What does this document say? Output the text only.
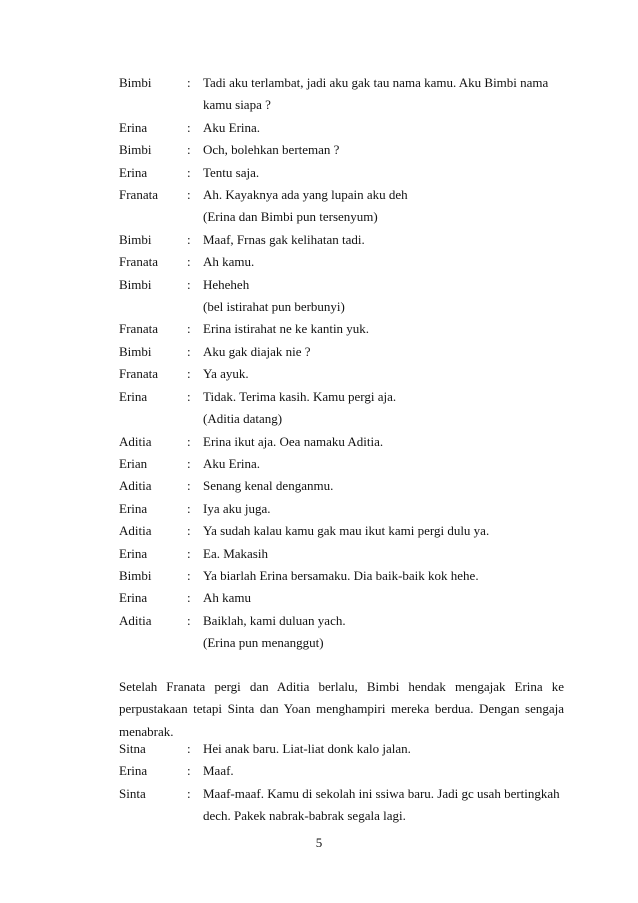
Bimbi	: Tadi aku terlambat, jadi aku gak tau nama kamu. Aku Bimbi nama
kamu siapa ?
Erina	: Aku Erina.
Bimbi	: Och, bolehkan berteman ?
Erina	: Tentu saja.
Franata	: Ah. Kayaknya ada yang lupain aku deh
(Erina dan Bimbi pun tersenyum)
Bimbi	: Maaf, Frnas gak kelihatan tadi.
Franata	: Ah kamu.
Bimbi	: Heheheh
(bel istirahat pun berbunyi)
Franata	: Erina istirahat ne ke kantin yuk.
Bimbi	: Aku gak diajak nie ?
Franata	: Ya ayuk.
Erina	: Tidak. Terima kasih. Kamu pergi aja.
(Aditia datang)
Aditia	: Erina ikut aja. Oea namaku Aditia.
Erian	: Aku Erina.
Aditia	: Senang kenal denganmu.
Erina	: Iya aku juga.
Aditia	: Ya sudah kalau kamu gak mau ikut kami pergi dulu ya.
Erina	: Ea. Makasih
Bimbi	: Ya biarlah Erina bersamaku. Dia baik-baik kok hehe.
Erina	: Ah kamu
Aditia	: Baiklah, kami duluan yach.
(Erina pun menanggut)
Setelah Franata pergi dan Aditia berlalu, Bimbi hendak mengajak Erina ke perpustakaan tetapi Sinta dan Yoan menghampiri mereka berdua. Dengan sengaja menabrak.
Sitna	: Hei anak baru. Liat-liat donk kalo jalan.
Erina	: Maaf.
Sinta	: Maaf-maaf. Kamu di sekolah ini ssiwa baru. Jadi gc usah bertingkah
dech. Pakek nabrak-babrak segala lagi.
5
